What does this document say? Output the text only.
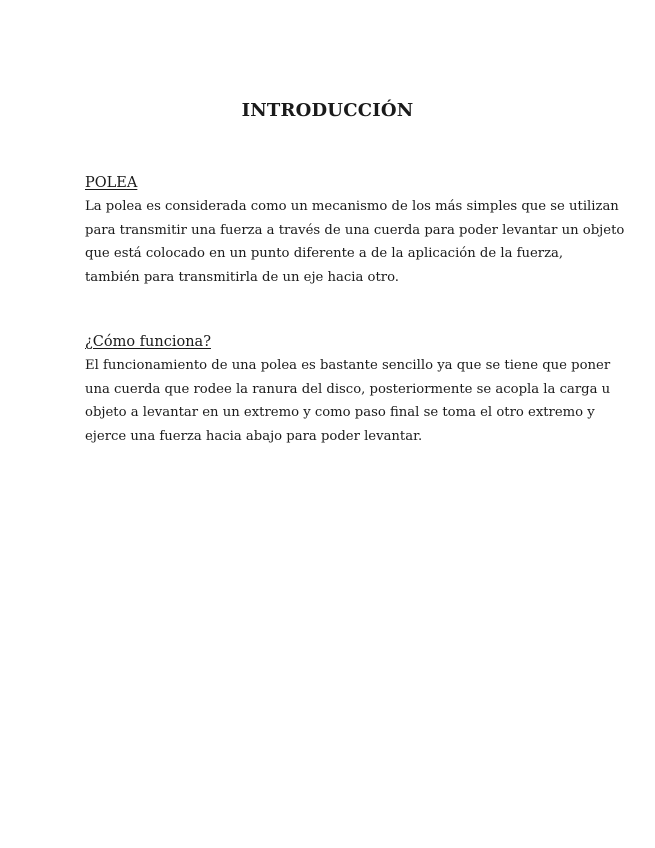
INTRODUCCIÓN
POLEA

La polea es considerada como un mecanismo de los más simples que se utilizan
para transmitir una fuerza a través de una cuerda para poder levantar un objeto
que está colocado en un punto diferente a de la aplicación de la fuerza,
también para transmitirla de un eje hacia otro.

¿Cómo funciona?

El funcionamiento de una polea es bastante sencillo ya que se tiene que poner
una cuerda que rodee la ranura del disco, posteriormente se acopla la carga u
objeto a levantar en un extremo y como paso final se toma el otro extremo y
ejerce una fuerza hacia abajo para poder levantar.
